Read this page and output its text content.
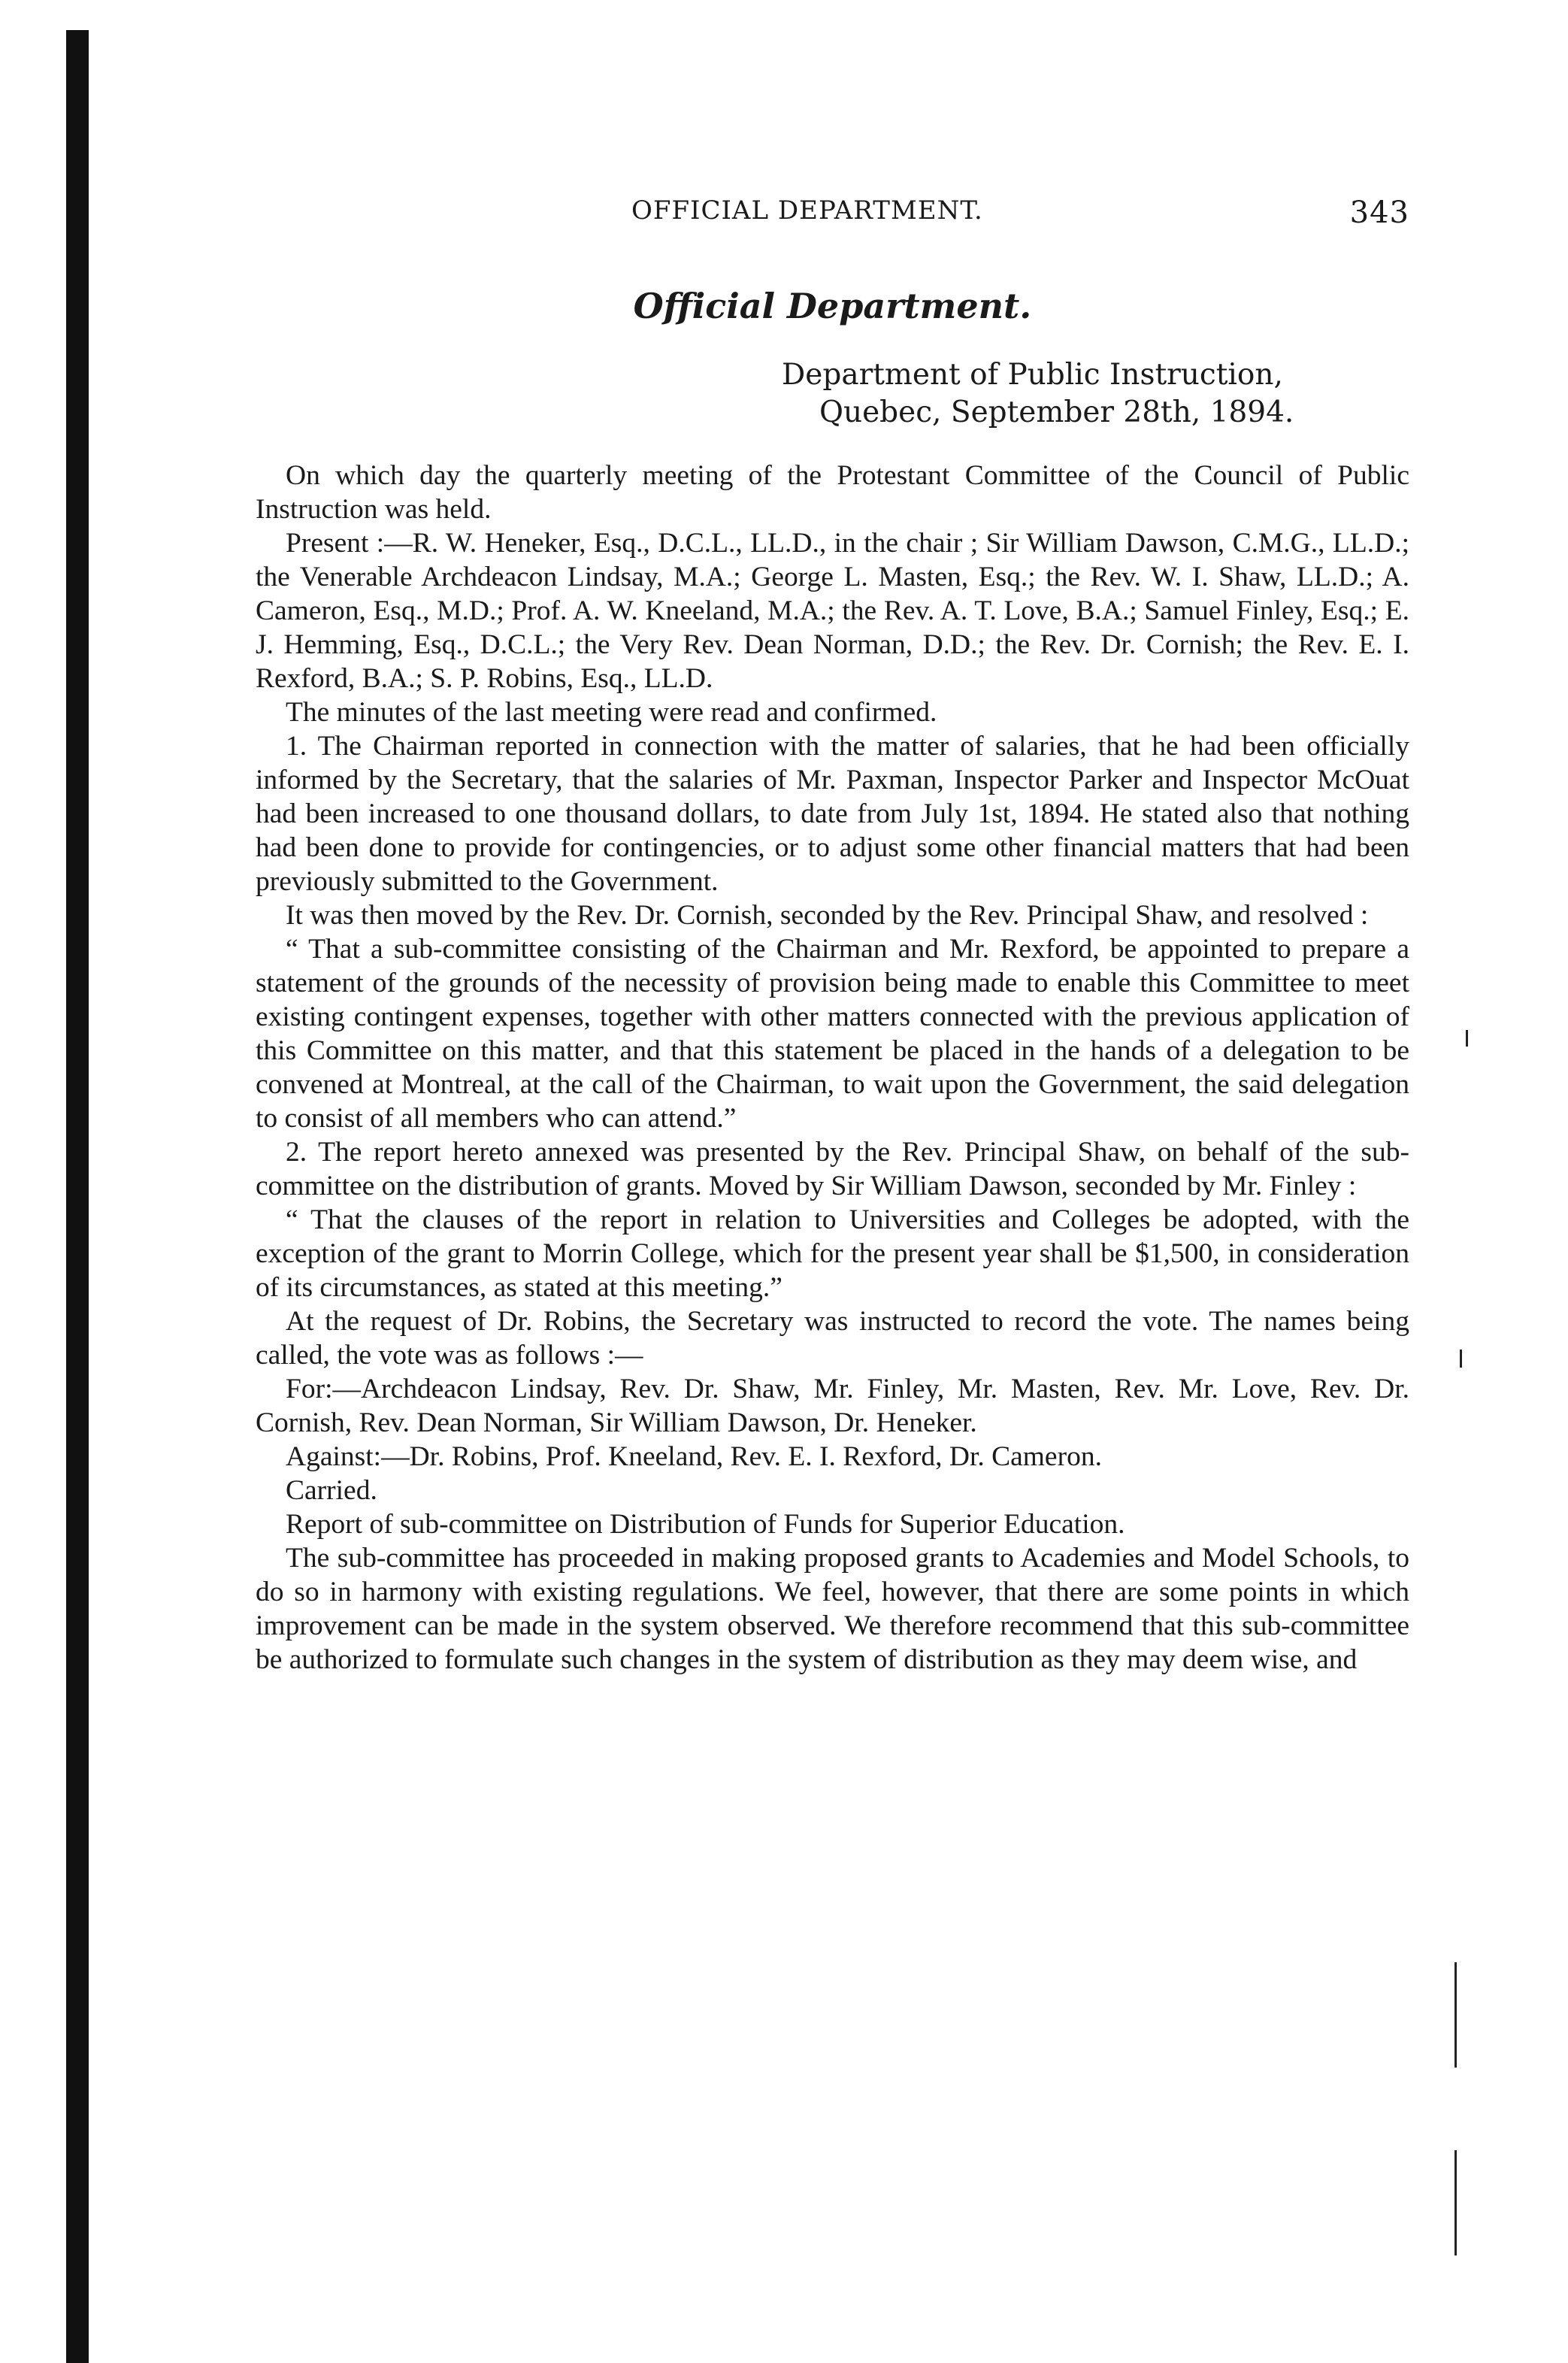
OFFICIAL DEPARTMENT.	343
Official Department.
Department of Public Instruction,
Quebec, September 28th, 1894.

On which day the quarterly meeting of the Protestant Committee of the Council of Public Instruction was held.

Present :—R. W. Heneker, Esq., D.C.L., LL.D., in the chair ; Sir William Dawson, C.M.G., LL.D.; the Venerable Archdeacon Lindsay, M.A.; George L. Masten, Esq.; the Rev. W. I. Shaw, LL.D.; A. Cameron, Esq., M.D.; Prof. A. W. Kneeland, M.A.; the Rev. A. T. Love, B.A.; Samuel Finley, Esq.; E. J. Hemming, Esq., D.C.L.; the Very Rev. Dean Norman, D.D.; the Rev. Dr. Cornish; the Rev. E. I. Rexford, B.A.; S. P. Robins, Esq., LL.D.

The minutes of the last meeting were read and confirmed.

1. The Chairman reported in connection with the matter of salaries, that he had been officially informed by the Secretary, that the salaries of Mr. Paxman, Inspector Parker and Inspector McOuat had been increased to one thousand dollars, to date from July 1st, 1894. He stated also that nothing had been done to provide for contingencies, or to adjust some other financial matters that had been previously submitted to the Government.

It was then moved by the Rev. Dr. Cornish, seconded by the Rev. Principal Shaw, and resolved :

“ That a sub-committee consisting of the Chairman and Mr. Rexford, be appointed to prepare a statement of the grounds of the necessity of provision being made to enable this Committee to meet existing contingent expenses, together with other matters connected with the previous application of this Committee on this matter, and that this statement be placed in the hands of a delegation to be convened at Montreal, at the call of the Chairman, to wait upon the Government, the said delegation to consist of all members who can attend.”

2. The report hereto annexed was presented by the Rev. Principal Shaw, on behalf of the sub-committee on the distribution of grants. Moved by Sir William Dawson, seconded by Mr. Finley :

“ That the clauses of the report in relation to Universities and Colleges be adopted, with the exception of the grant to Morrin College, which for the present year shall be $1,500, in consideration of its circumstances, as stated at this meeting.”

At the request of Dr. Robins, the Secretary was instructed to record the vote. The names being called, the vote was as follows :—

For:—Archdeacon Lindsay, Rev. Dr. Shaw, Mr. Finley, Mr. Masten, Rev. Mr. Love, Rev. Dr. Cornish, Rev. Dean Norman, Sir William Dawson, Dr. Heneker.

Against:—Dr. Robins, Prof. Kneeland, Rev. E. I. Rexford, Dr. Cameron.

Carried.

Report of sub-committee on Distribution of Funds for Superior Education.

The sub-committee has proceeded in making proposed grants to Academies and Model Schools, to do so in harmony with existing regulations. We feel, however, that there are some points in which improvement can be made in the system observed. We therefore recommend that this sub-committee be authorized to formulate such changes in the system of distribution as they may deem wise, and
